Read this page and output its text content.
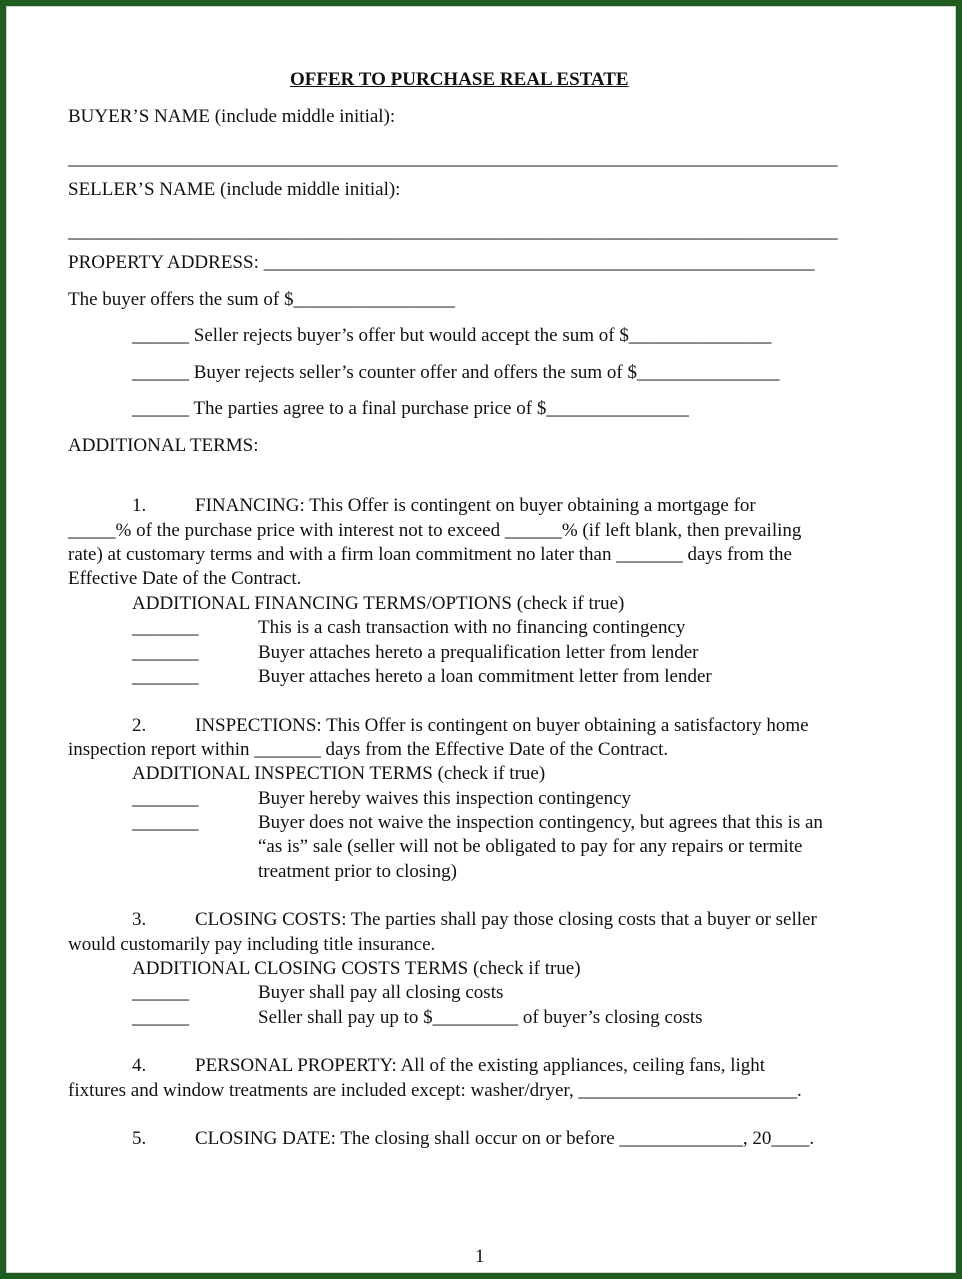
OFFER TO PURCHASE REAL ESTATE
BUYER’S NAME (include middle initial):
_________________________________________________________________________________
SELLER’S NAME (include middle initial):
_________________________________________________________________________________
PROPERTY ADDRESS: __________________________________________________________
The buyer offers the sum of $_________________
______ Seller rejects buyer’s offer but would accept the sum of $_______________
______ Buyer rejects seller’s counter offer and offers the sum of $_______________
______ The parties agree to a final purchase price of $_______________
ADDITIONAL TERMS:
1.	FINANCING: This Offer is contingent on buyer obtaining a mortgage for
_____% of the purchase price with interest not to exceed ______% (if left blank, then prevailing
rate) at customary terms and with a firm loan commitment no later than _______ days from the
Effective Date of the Contract.
ADDITIONAL FINANCING TERMS/OPTIONS (check if true)
_______	This is a cash transaction with no financing contingency
_______	Buyer attaches hereto a prequalification letter from lender
_______	Buyer attaches hereto a loan commitment letter from lender
2.	INSPECTIONS: This Offer is contingent on buyer obtaining a satisfactory home
inspection report within _______ days from the Effective Date of the Contract.
ADDITIONAL INSPECTION TERMS (check if true)
_______	Buyer hereby waives this inspection contingency
_______	Buyer does not waive the inspection contingency, but agrees that this is an
“as is” sale (seller will not be obligated to pay for any repairs or termite
treatment prior to closing)
3.	CLOSING COSTS: The parties shall pay those closing costs that a buyer or seller
would customarily pay including title insurance.
ADDITIONAL CLOSING COSTS TERMS (check if true)
______	Buyer shall pay all closing costs
______	Seller shall pay up to $_________ of buyer’s closing costs
4.	PERSONAL PROPERTY: All of the existing appliances, ceiling fans, light
fixtures and window treatments are included except: washer/dryer, _______________________.
5.	CLOSING DATE: The closing shall occur on or before _____________, 20____.
1
